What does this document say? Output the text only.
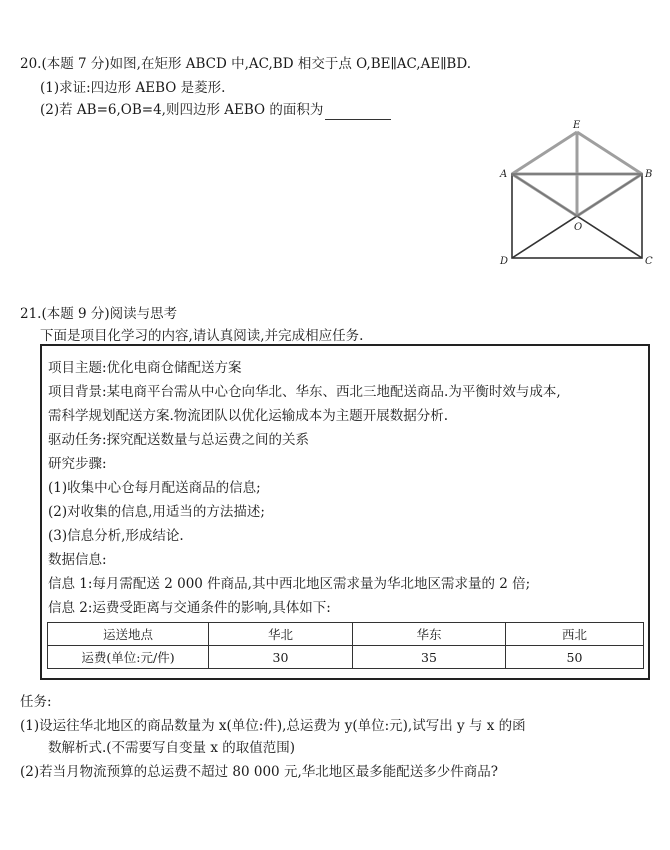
20.(本题 7 分)如图,在矩形 ABCD 中,AC,BD 相交于点 O,BE∥AC,AE∥BD.
(1)求证:四边形 AEBO 是菱形.
(2)若 AB=6,OB=4,则四边形 AEBO 的面积为
E
A	B
O
D	C
21.(本题 9 分)阅读与思考
下面是项目化学习的内容,请认真阅读,并完成相应任务.
项目主题:优化电商仓储配送方案
项目背景:某电商平台需从中心仓向华北、华东、西北三地配送商品.为平衡时效与成本,
需科学规划配送方案.物流团队以优化运输成本为主题开展数据分析.
驱动任务:探究配送数量与总运费之间的关系
研究步骤:
(1)收集中心仓每月配送商品的信息;
(2)对收集的信息,用适当的方法描述;
(3)信息分析,形成结论.
数据信息:
信息 1:每月需配送 2 000 件商品,其中西北地区需求量为华北地区需求量的 2 倍;
信息 2:运费受距离与交通条件的影响,具体如下:
运送地点	华北	华东	西北
运费(单位:元/件)	30	35	50
任务:
(1)设运往华北地区的商品数量为 x(单位:件),总运费为 y(单位:元),试写出 y 与 x 的函
数解析式.(不需要写自变量 x 的取值范围)
(2)若当月物流预算的总运费不超过 80 000 元,华北地区最多能配送多少件商品?
